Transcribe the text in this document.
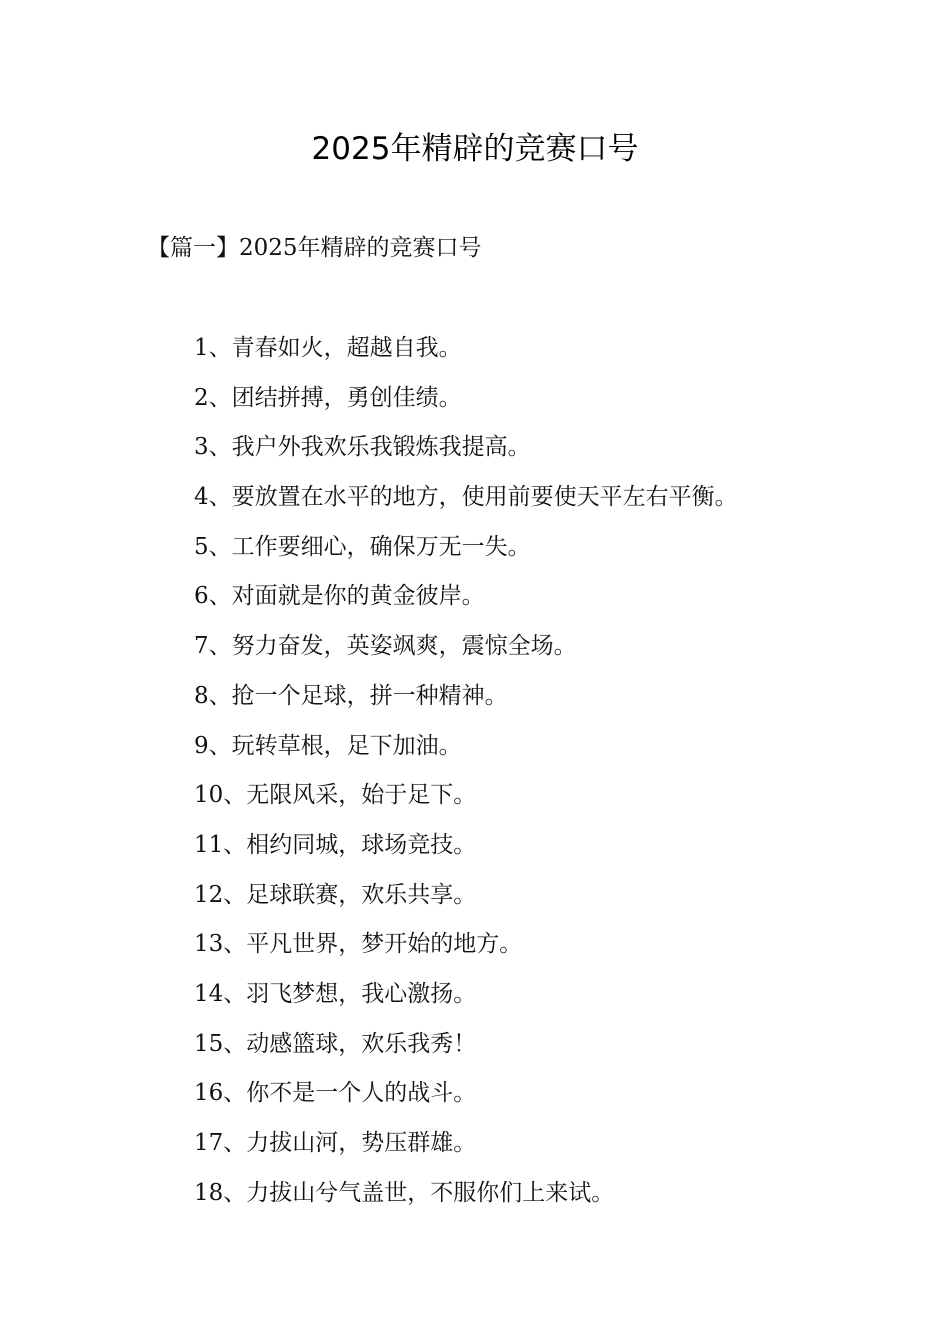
2025年精辟的竞赛口号
【篇一】2025年精辟的竞赛口号
1、青春如火，超越自我。
2、团结拼搏，勇创佳绩。
3、我户外我欢乐我锻炼我提高。
4、要放置在水平的地方，使用前要使天平左右平衡。
5、工作要细心，确保万无一失。
6、对面就是你的黄金彼岸。
7、努力奋发，英姿飒爽，震惊全场。
8、抢一个足球，拼一种精神。
9、玩转草根，足下加油。
10、无限风采，始于足下。
11、相约同城，球场竞技。
12、足球联赛，欢乐共享。
13、平凡世界，梦开始的地方。
14、羽飞梦想，我心激扬。
15、动感篮球，欢乐我秀！
16、你不是一个人的战斗。
17、力拔山河，势压群雄。
18、力拔山兮气盖世，不服你们上来试。
